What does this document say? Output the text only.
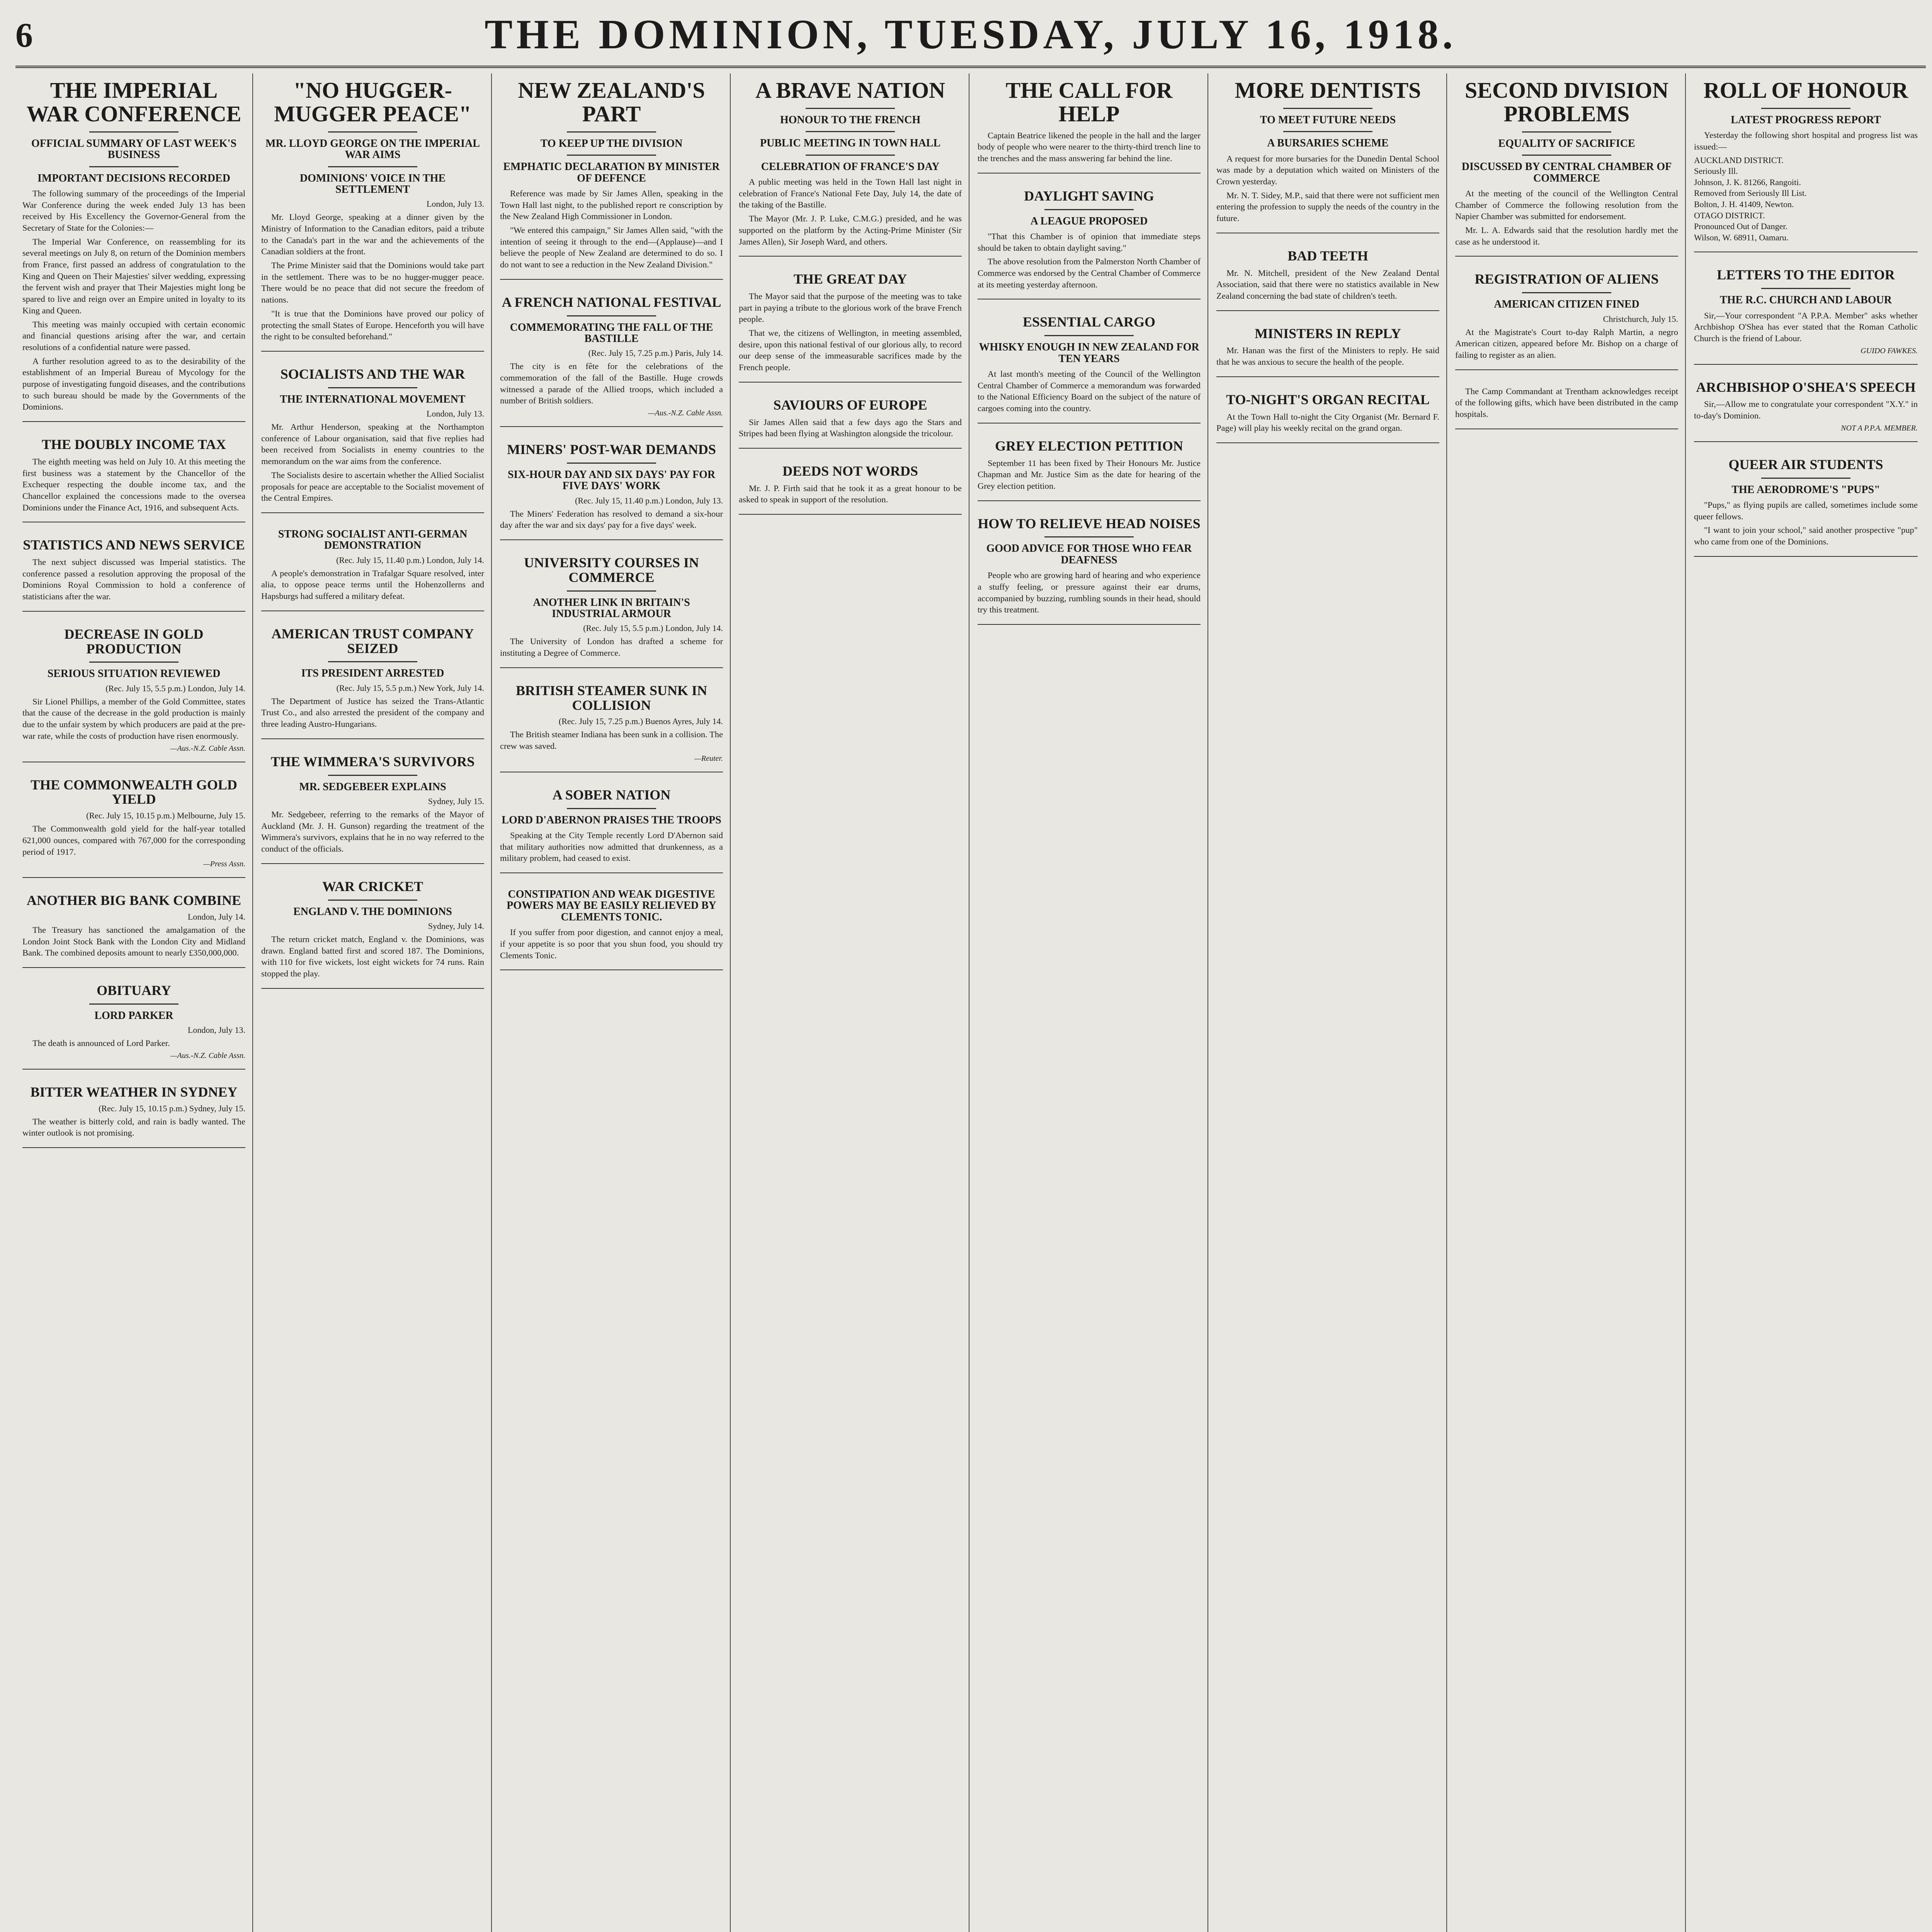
6	THE DOMINION, TUESDAY, JULY 16, 1918.
THE IMPERIAL WAR CONFERENCE
OFFICIAL SUMMARY OF LAST WEEK'S BUSINESS
IMPORTANT DECISIONS RECORDED

The following summary of the proceedings of the Imperial War Conference during the week ended July 13 has been received by His Excellency the Governor-General from the Secretary of State for the Colonies:—

The Imperial War Conference, on reassembling for its several meetings on July 8, on return of the Dominion members from France, first passed an address of congratulation to the King and Queen on Their Majesties' silver wedding, expressing the fervent wish and prayer that Their Majesties might long be spared to live and reign over an Empire united in loyalty to its King and Queen.

This meeting was mainly occupied with certain economic and financial questions arising after the war, and certain resolutions of a confidential nature were passed.

A further resolution agreed to as to the desirability of the establishment of an Imperial Bureau of Mycology for the purpose of investigating fungoid diseases, and the contributions to such bureau should be made by the Governments of the Dominions.

THE DOUBLY INCOME TAX

The eighth meeting was held on July 10. At this meeting the first business was a statement by the Chancellor of the Exchequer respecting the double income tax, and the Chancellor explained the concessions made to the oversea Dominions under the Finance Act, 1916, and subsequent Acts.

STATISTICS AND NEWS SERVICE

The next subject discussed was Imperial statistics. The conference passed a resolution approving the proposal of the Dominions Royal Commission to hold a conference of statisticians after the war.

DECREASE IN GOLD PRODUCTION
SERIOUS SITUATION REVIEWED
(Rec. July 15, 5.5 p.m.) London, July 14.

Sir Lionel Phillips, a member of the Gold Committee, states that the cause of the decrease in the gold production is mainly due to the unfair system by which producers are paid at the pre-war rate, while the costs of production have risen enormously.

—Aus.-N.Z. Cable Assn.
THE COMMONWEALTH GOLD YIELD
(Rec. July 15, 10.15 p.m.) Melbourne, July 15.

The Commonwealth gold yield for the half-year totalled 621,000 ounces, compared with 767,000 for the corresponding period of 1917.

—Press Assn.
ANOTHER BIG BANK COMBINE
London, July 14.

The Treasury has sanctioned the amalgamation of the London Joint Stock Bank with the London City and Midland Bank. The combined deposits amount to nearly £350,000,000.

OBITUARY
LORD PARKER
London, July 13.

The death is announced of Lord Parker.

—Aus.-N.Z. Cable Assn.
BITTER WEATHER IN SYDNEY
(Rec. July 15, 10.15 p.m.) Sydney, July 15.

The weather is bitterly cold, and rain is badly wanted. The winter outlook is not promising.

"NO HUGGER-MUGGER PEACE"
MR. LLOYD GEORGE ON THE IMPERIAL WAR AIMS
DOMINIONS' VOICE IN THE SETTLEMENT
London, July 13.

Mr. Lloyd George, speaking at a dinner given by the Ministry of Information to the Canadian editors, paid a tribute to the Canada's part in the war and the achievements of the Canadian soldiers at the front.

The Prime Minister said that the Dominions would take part in the settlement. There was to be no hugger-mugger peace. There would be no peace that did not secure the freedom of nations.

"It is true that the Dominions have proved our policy of protecting the small States of Europe. Henceforth you will have the right to be consulted beforehand."

SOCIALISTS AND THE WAR
THE INTERNATIONAL MOVEMENT
London, July 13.

Mr. Arthur Henderson, speaking at the Northampton conference of Labour organisation, said that five replies had been received from Socialists in enemy countries to the memorandum on the war aims from the conference.

The Socialists desire to ascertain whether the Allied Socialist proposals for peace are acceptable to the Socialist movement of the Central Empires.

STRONG SOCIALIST ANTI-GERMAN DEMONSTRATION
(Rec. July 15, 11.40 p.m.) London, July 14.

A people's demonstration in Trafalgar Square resolved, inter alia, to oppose peace terms until the Hohenzollerns and Hapsburgs had suffered a military defeat.

AMERICAN TRUST COMPANY SEIZED
ITS PRESIDENT ARRESTED
(Rec. July 15, 5.5 p.m.) New York, July 14.

The Department of Justice has seized the Trans-Atlantic Trust Co., and also arrested the president of the company and three leading Austro-Hungarians.

THE WIMMERA'S SURVIVORS
MR. SEDGEBEER EXPLAINS
Sydney, July 15.

Mr. Sedgebeer, referring to the remarks of the Mayor of Auckland (Mr. J. H. Gunson) regarding the treatment of the Wimmera's survivors, explains that he in no way referred to the conduct of the officials.

WAR CRICKET
ENGLAND V. THE DOMINIONS
Sydney, July 14.

The return cricket match, England v. the Dominions, was drawn. England batted first and scored 187. The Dominions, with 110 for five wickets, lost eight wickets for 74 runs. Rain stopped the play.

NEW ZEALAND'S PART
TO KEEP UP THE DIVISION
EMPHATIC DECLARATION BY MINISTER OF DEFENCE

Reference was made by Sir James Allen, speaking in the Town Hall last night, to the published report re conscription by the New Zealand High Commissioner in London.

"We entered this campaign," Sir James Allen said, "with the intention of seeing it through to the end—(Applause)—and I believe the people of New Zealand are determined to do so. I do not want to see a reduction in the New Zealand Division."

A FRENCH NATIONAL FESTIVAL
COMMEMORATING THE FALL OF THE BASTILLE
(Rec. July 15, 7.25 p.m.) Paris, July 14.

The city is en fête for the celebrations of the commemoration of the fall of the Bastille. Huge crowds witnessed a parade of the Allied troops, which included a number of British soldiers.

—Aus.-N.Z. Cable Assn.
MINERS' POST-WAR DEMANDS
SIX-HOUR DAY AND SIX DAYS' PAY FOR FIVE DAYS' WORK
(Rec. July 15, 11.40 p.m.) London, July 13.

The Miners' Federation has resolved to demand a six-hour day after the war and six days' pay for a five days' week.

UNIVERSITY COURSES IN COMMERCE
ANOTHER LINK IN BRITAIN'S INDUSTRIAL ARMOUR
(Rec. July 15, 5.5 p.m.) London, July 14.

The University of London has drafted a scheme for instituting a Degree of Commerce.

BRITISH STEAMER SUNK IN COLLISION
(Rec. July 15, 7.25 p.m.) Buenos Ayres, July 14.

The British steamer Indiana has been sunk in a collision. The crew was saved.

—Reuter.
A SOBER NATION
LORD D'ABERNON PRAISES THE TROOPS

Speaking at the City Temple recently Lord D'Abernon said that military authorities now admitted that drunkenness, as a military problem, had ceased to exist.

CONSTIPATION AND WEAK DIGESTIVE POWERS MAY BE EASILY RELIEVED BY CLEMENTS TONIC.

If you suffer from poor digestion, and cannot enjoy a meal, if your appetite is so poor that you shun food, you should try Clements Tonic.

A BRAVE NATION
HONOUR TO THE FRENCH
PUBLIC MEETING IN TOWN HALL
CELEBRATION OF FRANCE'S DAY

A public meeting was held in the Town Hall last night in celebration of France's National Fete Day, July 14, the date of the taking of the Bastille.

The Mayor (Mr. J. P. Luke, C.M.G.) presided, and he was supported on the platform by the Acting-Prime Minister (Sir James Allen), Sir Joseph Ward, and others.

THE GREAT DAY

The Mayor said that the purpose of the meeting was to take part in paying a tribute to the glorious work of the brave French people.

That we, the citizens of Wellington, in meeting assembled, desire, upon this national festival of our glorious ally, to record our deep sense of the immeasurable sacrifices made by the French people.

SAVIOURS OF EUROPE

Sir James Allen said that a few days ago the Stars and Stripes had been flying at Washington alongside the tricolour.

DEEDS NOT WORDS

Mr. J. P. Firth said that he took it as a great honour to be asked to speak in support of the resolution.

THE CALL FOR HELP

Captain Beatrice likened the people in the hall and the larger body of people who were nearer to the thirty-third trench line to the trenches and the mass answering far behind the line.

DAYLIGHT SAVING
A LEAGUE PROPOSED

"That this Chamber is of opinion that immediate steps should be taken to obtain daylight saving."

The above resolution from the Palmerston North Chamber of Commerce was endorsed by the Central Chamber of Commerce at its meeting yesterday afternoon.

ESSENTIAL CARGO
WHISKY ENOUGH IN NEW ZEALAND FOR TEN YEARS

At last month's meeting of the Council of the Wellington Central Chamber of Commerce a memorandum was forwarded to the National Efficiency Board on the subject of the nature of cargoes coming into the country.

GREY ELECTION PETITION

September 11 has been fixed by Their Honours Mr. Justice Chapman and Mr. Justice Sim as the date for hearing of the Grey election petition.

HOW TO RELIEVE HEAD NOISES
GOOD ADVICE FOR THOSE WHO FEAR DEAFNESS

People who are growing hard of hearing and who experience a stuffy feeling, or pressure against their ear drums, accompanied by buzzing, rumbling sounds in their head, should try this treatment.

MORE DENTISTS
TO MEET FUTURE NEEDS
A BURSARIES SCHEME

A request for more bursaries for the Dunedin Dental School was made by a deputation which waited on Ministers of the Crown yesterday.

Mr. N. T. Sidey, M.P., said that there were not sufficient men entering the profession to supply the needs of the country in the future.

BAD TEETH

Mr. N. Mitchell, president of the New Zealand Dental Association, said that there were no statistics available in New Zealand concerning the bad state of children's teeth.

MINISTERS IN REPLY

Mr. Hanan was the first of the Ministers to reply. He said that he was anxious to secure the health of the people.

TO-NIGHT'S ORGAN RECITAL

At the Town Hall to-night the City Organist (Mr. Bernard F. Page) will play his weekly recital on the grand organ.

SECOND DIVISION PROBLEMS
EQUALITY OF SACRIFICE
DISCUSSED BY CENTRAL CHAMBER OF COMMERCE

At the meeting of the council of the Wellington Central Chamber of Commerce the following resolution from the Napier Chamber was submitted for endorsement.

Mr. L. A. Edwards said that the resolution hardly met the case as he understood it.

REGISTRATION OF ALIENS
AMERICAN CITIZEN FINED
Christchurch, July 15.

At the Magistrate's Court to-day Ralph Martin, a negro American citizen, appeared before Mr. Bishop on a charge of failing to register as an alien.

The Camp Commandant at Trentham acknowledges receipt of the following gifts, which have been distributed in the camp hospitals.

ROLL OF HONOUR
LATEST PROGRESS REPORT

Yesterday the following short hospital and progress list was issued:—

AUCKLAND DISTRICT.

Seriously Ill.

Johnson, J. K. 81266, Rangoiti.

Removed from Seriously Ill List.

Bolton, J. H. 41409, Newton.

OTAGO DISTRICT.

Pronounced Out of Danger.

Wilson, W. 68911, Oamaru.

LETTERS TO THE EDITOR
THE R.C. CHURCH AND LABOUR

Sir,—Your correspondent "A P.P.A. Member" asks whether Archbishop O'Shea has ever stated that the Roman Catholic Church is the friend of Labour.

GUIDO FAWKES.
ARCHBISHOP O'SHEA'S SPEECH

Sir,—Allow me to congratulate your correspondent "X.Y." in to-day's Dominion.

NOT A P.P.A. MEMBER.
QUEER AIR STUDENTS
THE AERODROME'S "PUPS"

"Pups," as flying pupils are called, sometimes include some queer fellows.

"I want to join your school," said another prospective "pup" who came from one of the Dominions.
